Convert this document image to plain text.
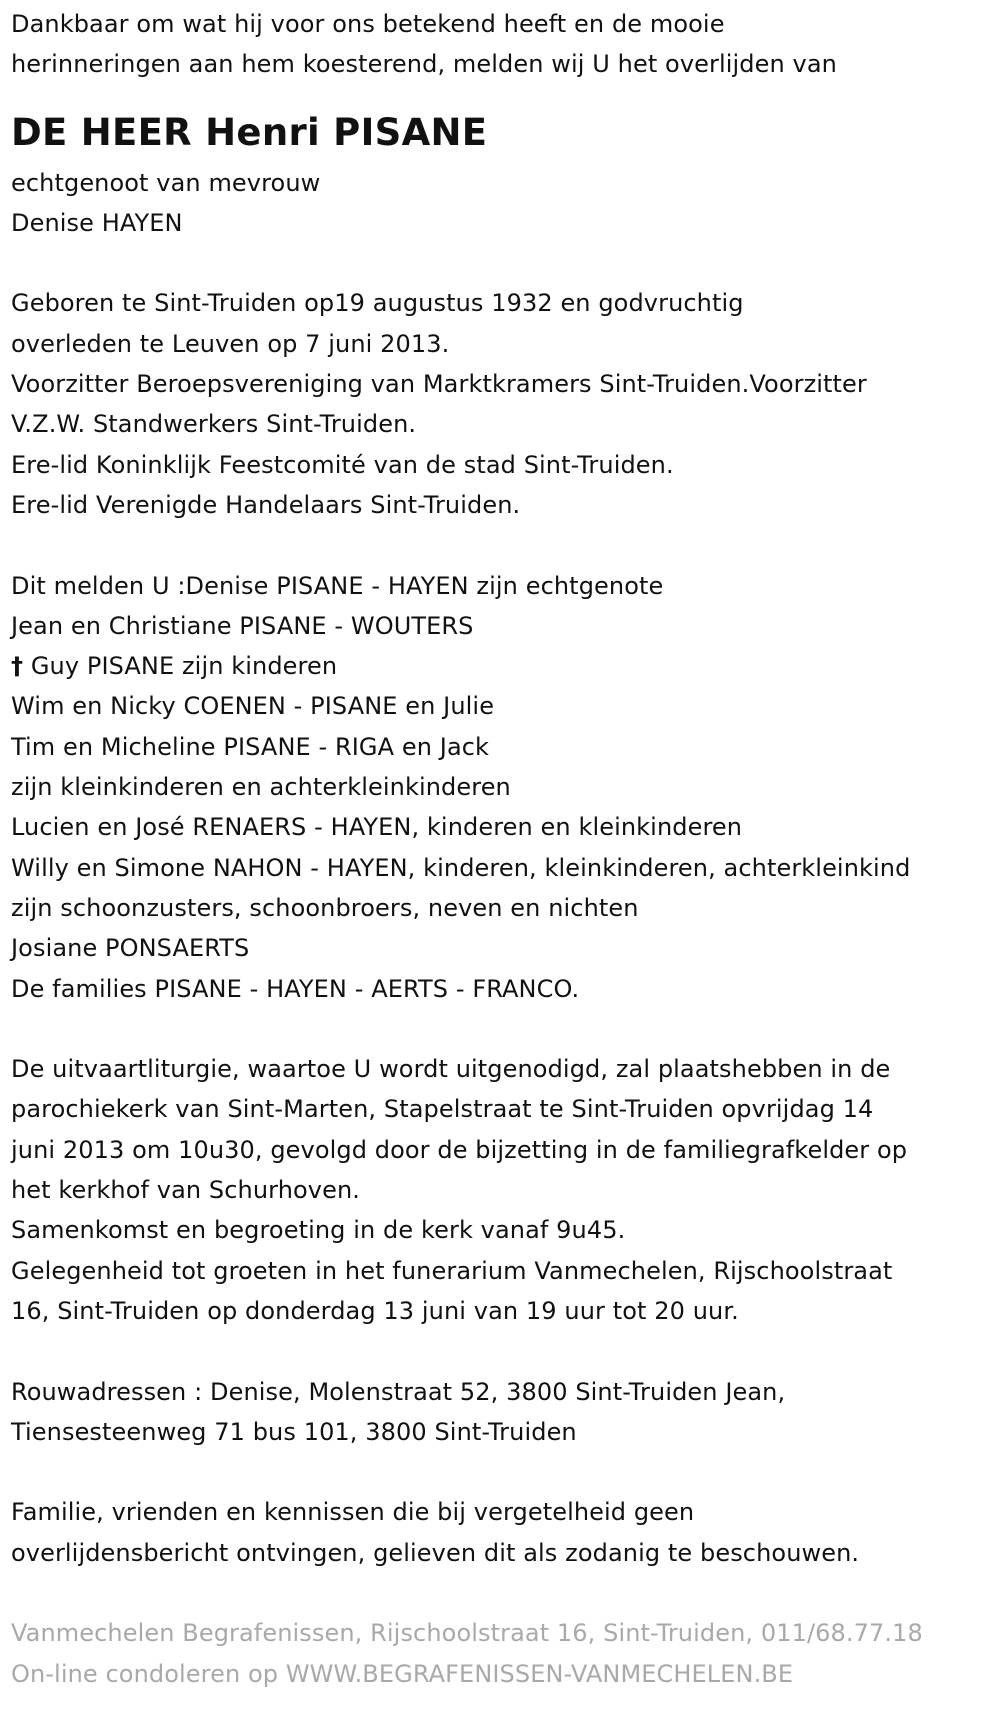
Dankbaar om wat hij voor ons betekend heeft en de mooie
herinneringen aan hem koesterend, melden wij U het overlijden van
DE HEER Henri PISANE
echtgenoot van mevrouw
Denise HAYEN
Geboren te Sint-Truiden op19 augustus 1932 en godvruchtig
overleden te Leuven op 7 juni 2013.
Voorzitter Beroepsvereniging van Marktkramers Sint-Truiden.Voorzitter
V.Z.W. Standwerkers Sint-Truiden.
Ere-lid Koninklijk Feestcomité van de stad Sint-Truiden.
Ere-lid Verenigde Handelaars Sint-Truiden.
Dit melden U :Denise PISANE - HAYEN zijn echtgenote
Jean en Christiane PISANE - WOUTERS
† Guy PISANE zijn kinderen
Wim en Nicky COENEN - PISANE en Julie
Tim en Micheline PISANE - RIGA en Jack
zijn kleinkinderen en achterkleinkinderen
Lucien en José RENAERS - HAYEN, kinderen en kleinkinderen
Willy en Simone NAHON - HAYEN, kinderen, kleinkinderen, achterkleinkind
zijn schoonzusters, schoonbroers, neven en nichten
Josiane PONSAERTS
De families PISANE - HAYEN - AERTS - FRANCO.
De uitvaartliturgie, waartoe U wordt uitgenodigd, zal plaatshebben in de
parochiekerk van Sint-Marten, Stapelstraat te Sint-Truiden opvrijdag 14
juni 2013 om 10u30, gevolgd door de bijzetting in de familiegrafkelder op
het kerkhof van Schurhoven.
Samenkomst en begroeting in de kerk vanaf 9u45.
Gelegenheid tot groeten in het funerarium Vanmechelen, Rijschoolstraat
16, Sint-Truiden op donderdag 13 juni van 19 uur tot 20 uur.
Rouwadressen : Denise, Molenstraat 52, 3800 Sint-Truiden Jean,
Tiensesteenweg 71 bus 101, 3800 Sint-Truiden
Familie, vrienden en kennissen die bij vergetelheid geen
overlijdensbericht ontvingen, gelieven dit als zodanig te beschouwen.
Vanmechelen Begrafenissen, Rijschoolstraat 16, Sint-Truiden, 011/68.77.18
On-line condoleren op WWW.BEGRAFENISSEN-VANMECHELEN.BE
